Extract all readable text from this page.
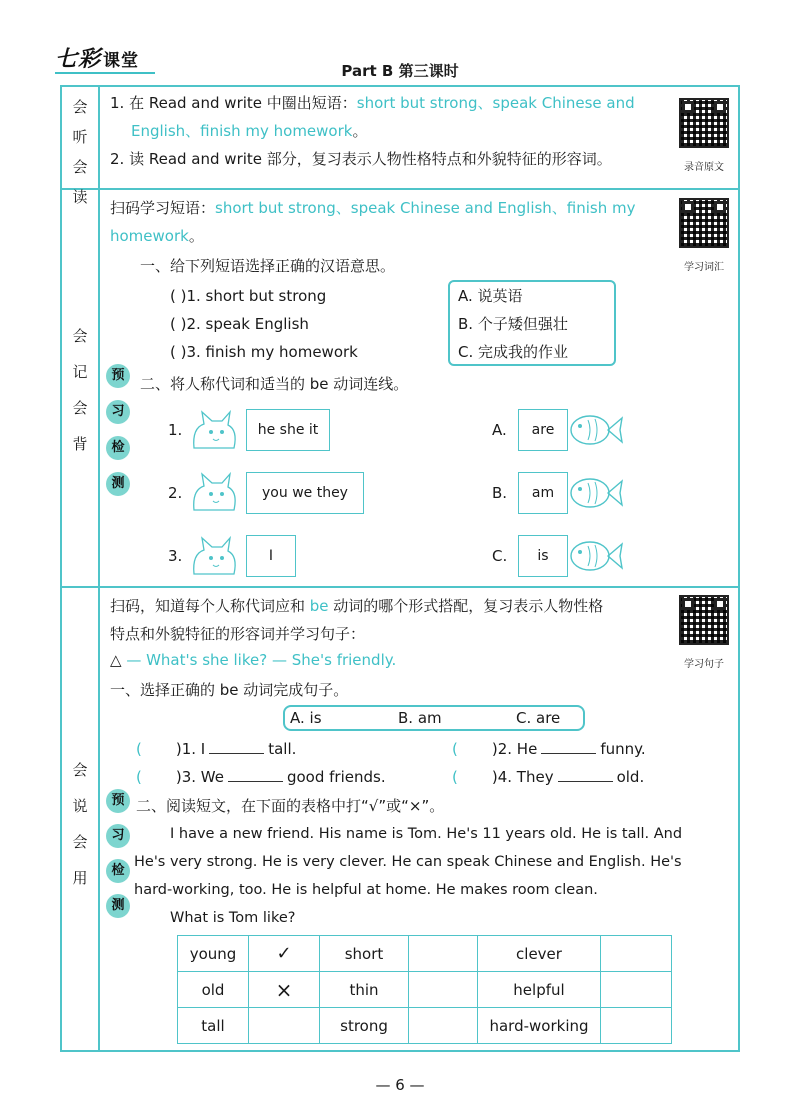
七彩 课堂	Part B 第三课时
会
听
会
读
会
记
会
背
会
说
会
用
1. 在 Read and write 中圈出短语：short but strong、speak Chinese and
English、finish my homework。
2. 读 Read and write 部分，复习表示人物性格特点和外貌特征的形容词。	录音原文
扫码学习短语：short but strong、speak Chinese and English、finish my
homework。
学习词汇
一、给下列短语选择正确的汉语意思。
( )1. short but strong
( )2. speak English
( )3. finish my homework
A. 说英语
B. 个子矮但强壮
C. 完成我的作业
二、将人称代词和适当的 be 动词连线。
预
习
检
测
1.
2.
3.
he she it
you we they
I
A.
B.
C.
are
am
is
扫码，知道每个人称代词应和 be 动词的哪个形式搭配，复习表示人物性格
特点和外貌特征的形容词并学习句子：
△ — What's she like? — She's friendly.	学习句子
一、选择正确的 be 动词完成句子。
A. is	B. am	C. are
( )1. I	tall.	( )2. He	funny.
( )3. We	good friends.	( )4. They	old.
二、阅读短文，在下面的表格中打“√”或“×”。
预
习
检
测
I have a new friend. His name is Tom. He's 11 years old. He is tall. And
He's very strong. He is very clever. He can speak Chinese and English. He's
hard-working, too. He is helpful at home. He makes room clean.
What is Tom like?
young	✓	short		clever	
old	×	thin		helpful	
tall		strong		hard-working	
— 6 —
